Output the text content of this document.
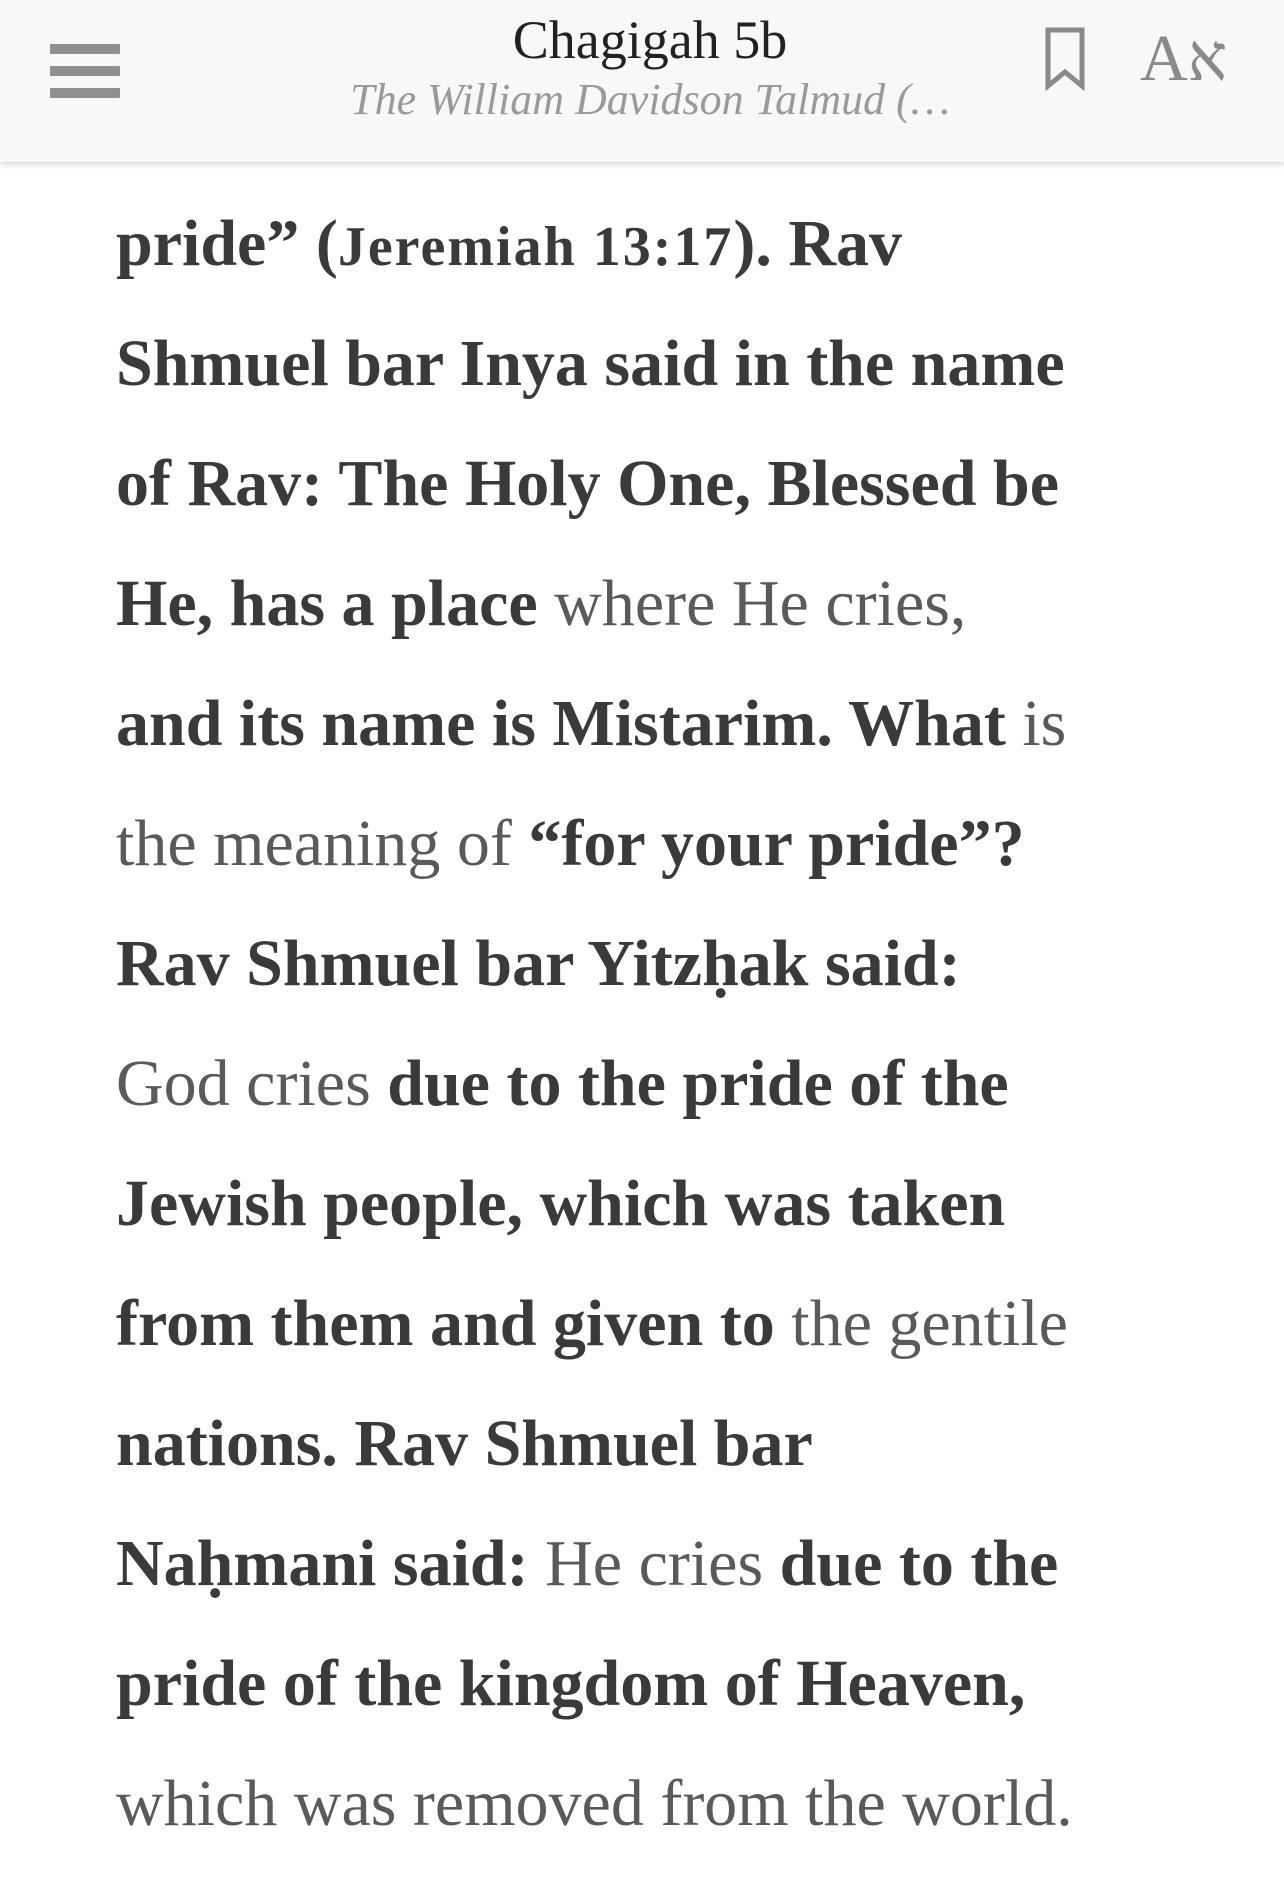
Chagigah 5b
The William Davidson Talmud (…
Aא
pride” (Jeremiah 13:17). Rav
Shmuel bar Inya said in the name
of Rav: The Holy One, Blessed be
He, has a place where He cries,
and its name is Mistarim. What is
the meaning of “for your pride”?
Rav Shmuel bar Yitzḥak said:
God cries due to the pride of the
Jewish people, which was taken
from them and given to the gentile
nations. Rav Shmuel bar
Naḥmani said: He cries due to the
pride of the kingdom of Heaven,
which was removed from the world.
